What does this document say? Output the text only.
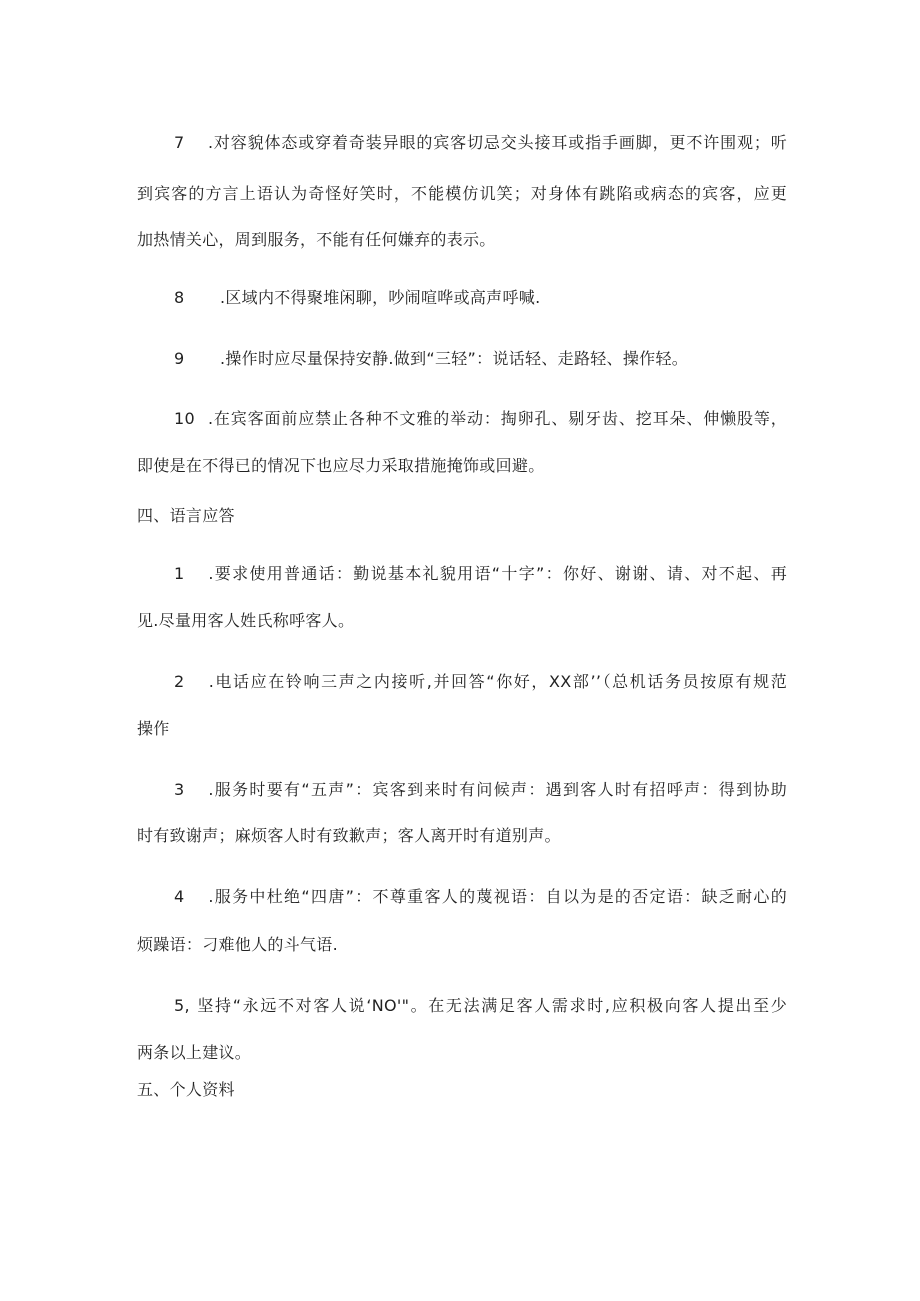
7 .对容貌体态或穿着奇装异眼的宾客切忌交头接耳或指手画脚，更不许围观；听
到宾客的方言上语认为奇怪好笑时，不能模仿讥笑；对身体有跳陷或病态的宾客，应更
加热情关心，周到服务，不能有任何嫌弃的表示。
8 .区域内不得聚堆闲聊，吵闹喧哗或高声呼喊.
9 .操作时应尽量保持安静.做到“三轻”：说话轻、走路轻、操作轻。
10 .在宾客面前应禁止各种不文雅的举动：掏卵孔、剔牙齿、挖耳朵、伸懒股等，
即使是在不得已的情况下也应尽力采取措施掩饰或回避。
四、语言应答
1 .要求使用普通话：勤说基本礼貌用语“十字”：你好、谢谢、请、对不起、再
见.尽量用客人姓氏称呼客人。
2 .电话应在铃响三声之内接听,并回答“你好，XX部’’（总机话务员按原有规范
操作
3 .服务时要有“五声”：宾客到来时有问候声：遇到客人时有招呼声：得到协助
时有致谢声；麻烦客人时有致歉声；客人离开时有道别声。
4 .服务中杜绝“四唐”：不尊重客人的蔑视语：自以为是的否定语：缺乏耐心的
烦躁语：刁难他人的斗气语.
5, 坚持“永远不对客人说‘NO'"。在无法满足客人需求时,应积极向客人提出至少
两条以上建议。
五、个人资料
